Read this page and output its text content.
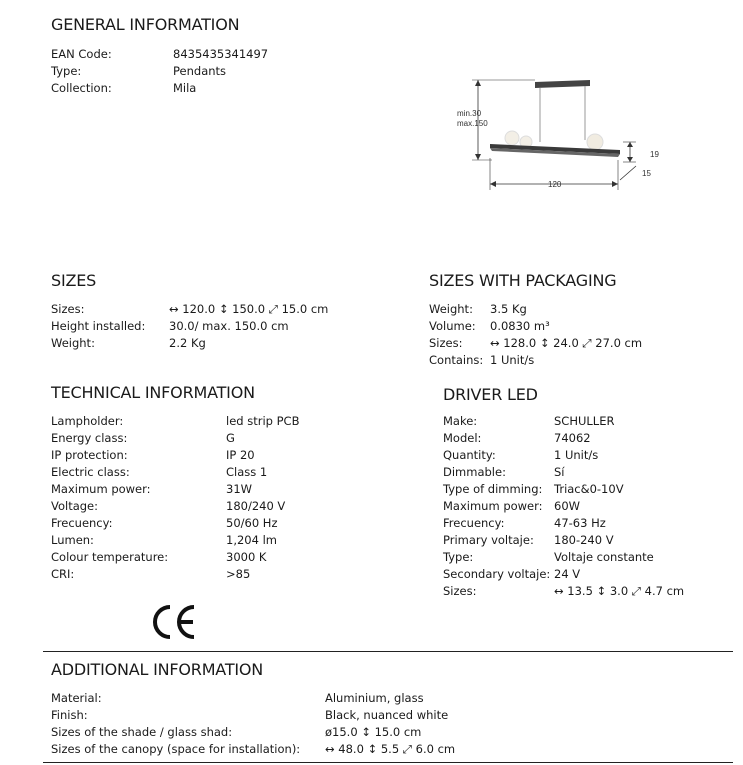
GENERAL INFORMATION
EAN Code:	8435435341497
Type:	Pendants
Collection:	Mila
min.30
max.150
120
19
15
SIZES
Sizes:	↔ 120.0 ↕ 150.0 ⤢ 15.0 cm
Height installed:	30.0/ max. 150.0 cm
Weight:	2.2 Kg
SIZES WITH PACKAGING
Weight:	3.5 Kg
Volume:	0.0830 m³
Sizes:	↔ 128.0 ↕ 24.0 ⤢ 27.0 cm
Contains: 1 Unit/s
TECHNICAL INFORMATION
Lampholder:	led strip PCB
Energy class:	G
IP protection:	IP 20
Electric class:	Class 1
Maximum power:	31W
Voltage:	180/240 V
Frecuency:	50/60 Hz
Lumen:	1,204 lm
Colour temperature:	3000 K
CRI:	>85
DRIVER LED
Make:	SCHULLER
Model:	74062
Quantity:	1 Unit/s
Dimmable:	Sí
Type of dimming:	Triac&0-10V
Maximum power: 60W
Frecuency:	47-63 Hz
Primary voltaje:	180-240 V
Type:	Voltaje constante
Secondary voltaje: 24 V
Sizes:	↔ 13.5 ↕ 3.0 ⤢ 4.7 cm
ADDITIONAL INFORMATION
Material:	Aluminium, glass
Finish:	Black, nuanced white
Sizes of the shade / glass shad:	ø15.0 ↕ 15.0 cm
Sizes of the canopy (space for installation):	↔ 48.0 ↕ 5.5 ⤢ 6.0 cm
